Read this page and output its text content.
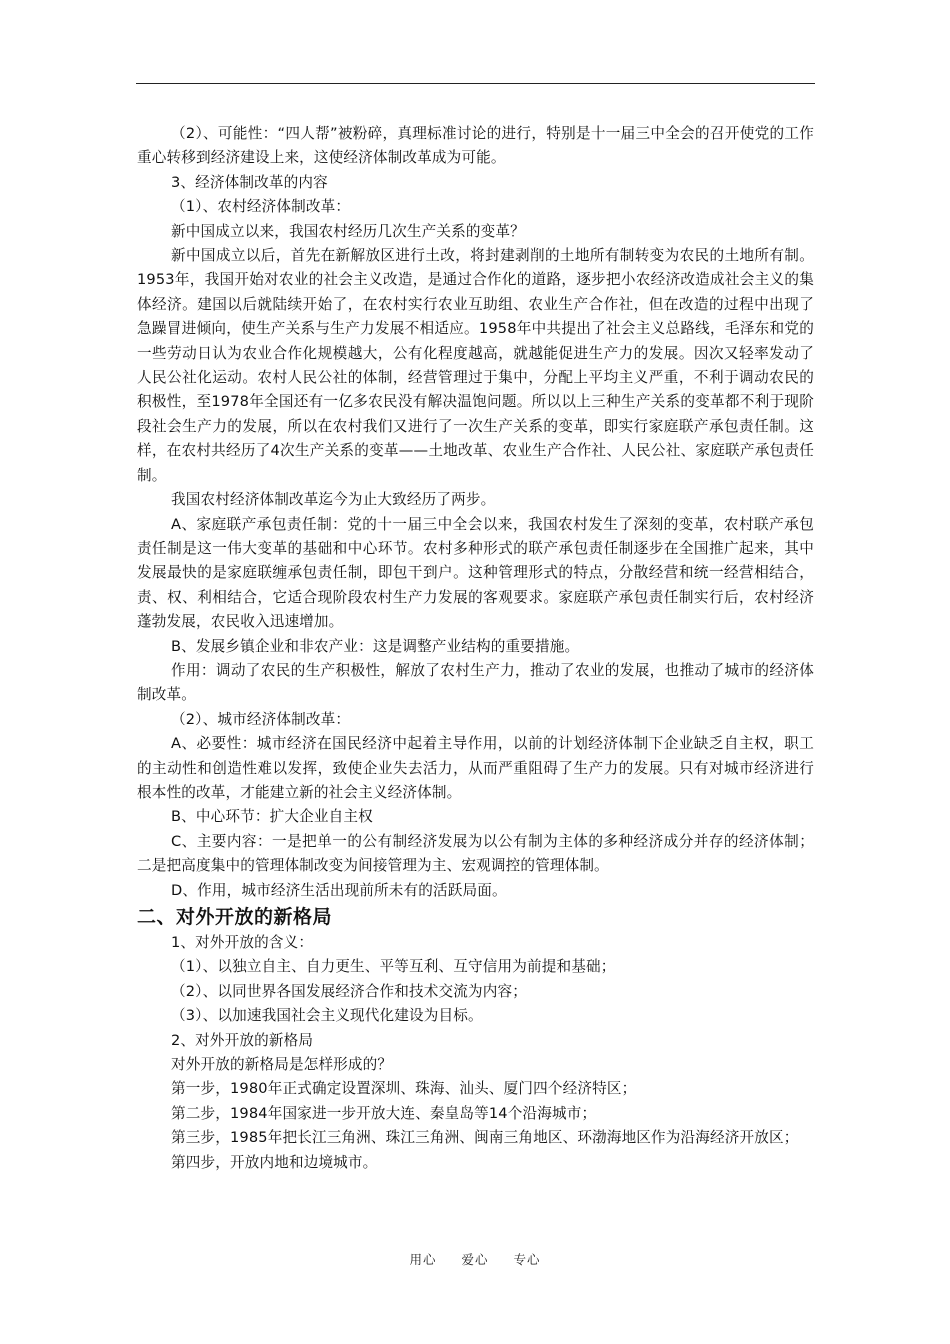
（2）、可能性：“四人帮”被粉碎，真理标准讨论的进行，特别是十一届三中全会的召开使党的工作重心转移到经济建设上来，这使经济体制改革成为可能。

3、经济体制改革的内容

（1）、农村经济体制改革：

新中国成立以来，我国农村经历几次生产关系的变革？

新中国成立以后，首先在新解放区进行土改，将封建剥削的土地所有制转变为农民的土地所有制。1953年，我国开始对农业的社会主义改造，是通过合作化的道路，逐步把小农经济改造成社会主义的集体经济。建国以后就陆续开始了，在农村实行农业互助组、农业生产合作社，但在改造的过程中出现了急躁冒进倾向，使生产关系与生产力发展不相适应。1958年中共提出了社会主义总路线，毛泽东和党的一些劳动日认为农业合作化规模越大，公有化程度越高，就越能促进生产力的发展。因次又轻率发动了人民公社化运动。农村人民公社的体制，经营管理过于集中，分配上平均主义严重，不利于调动农民的积极性，至1978年全国还有一亿多农民没有解决温饱问题。所以以上三种生产关系的变革都不利于现阶段社会生产力的发展，所以在农村我们又进行了一次生产关系的变革，即实行家庭联产承包责任制。这样，在农村共经历了4次生产关系的变革——土地改革、农业生产合作社、人民公社、家庭联产承包责任制。

我国农村经济体制改革迄今为止大致经历了两步。

A、家庭联产承包责任制：党的十一届三中全会以来，我国农村发生了深刻的变革，农村联产承包责任制是这一伟大变革的基础和中心环节。农村多种形式的联产承包责任制逐步在全国推广起来，其中发展最快的是家庭联缠承包责任制，即包干到户。这种管理形式的特点，分散经营和统一经营相结合，责、权、利相结合，它适合现阶段农村生产力发展的客观要求。家庭联产承包责任制实行后，农村经济蓬勃发展，农民收入迅速增加。

B、发展乡镇企业和非农产业：这是调整产业结构的重要措施。

作用：调动了农民的生产积极性，解放了农村生产力，推动了农业的发展，也推动了城市的经济体制改革。

（2）、城市经济体制改革：

A、必要性：城市经济在国民经济中起着主导作用，以前的计划经济体制下企业缺乏自主权，职工的主动性和创造性难以发挥，致使企业失去活力，从而严重阻碍了生产力的发展。只有对城市经济进行根本性的改革，才能建立新的社会主义经济体制。

B、中心环节：扩大企业自主权

C、主要内容：一是把单一的公有制经济发展为以公有制为主体的多种经济成分并存的经济体制；二是把高度集中的管理体制改变为间接管理为主、宏观调控的管理体制。

D、作用，城市经济生活出现前所未有的活跃局面。

二、对外开放的新格局

1、对外开放的含义：

（1）、以独立自主、自力更生、平等互利、互守信用为前提和基础；

（2）、以同世界各国发展经济合作和技术交流为内容；

（3）、以加速我国社会主义现代化建设为目标。

2、对外开放的新格局

对外开放的新格局是怎样形成的？

第一步，1980年正式确定设置深圳、珠海、汕头、厦门四个经济特区；

第二步，1984年国家进一步开放大连、秦皇岛等14个沿海城市；

第三步，1985年把长江三角洲、珠江三角洲、闽南三角地区、环渤海地区作为沿海经济开放区；

第四步，开放内地和边境城市。

用心 爱心 专心
